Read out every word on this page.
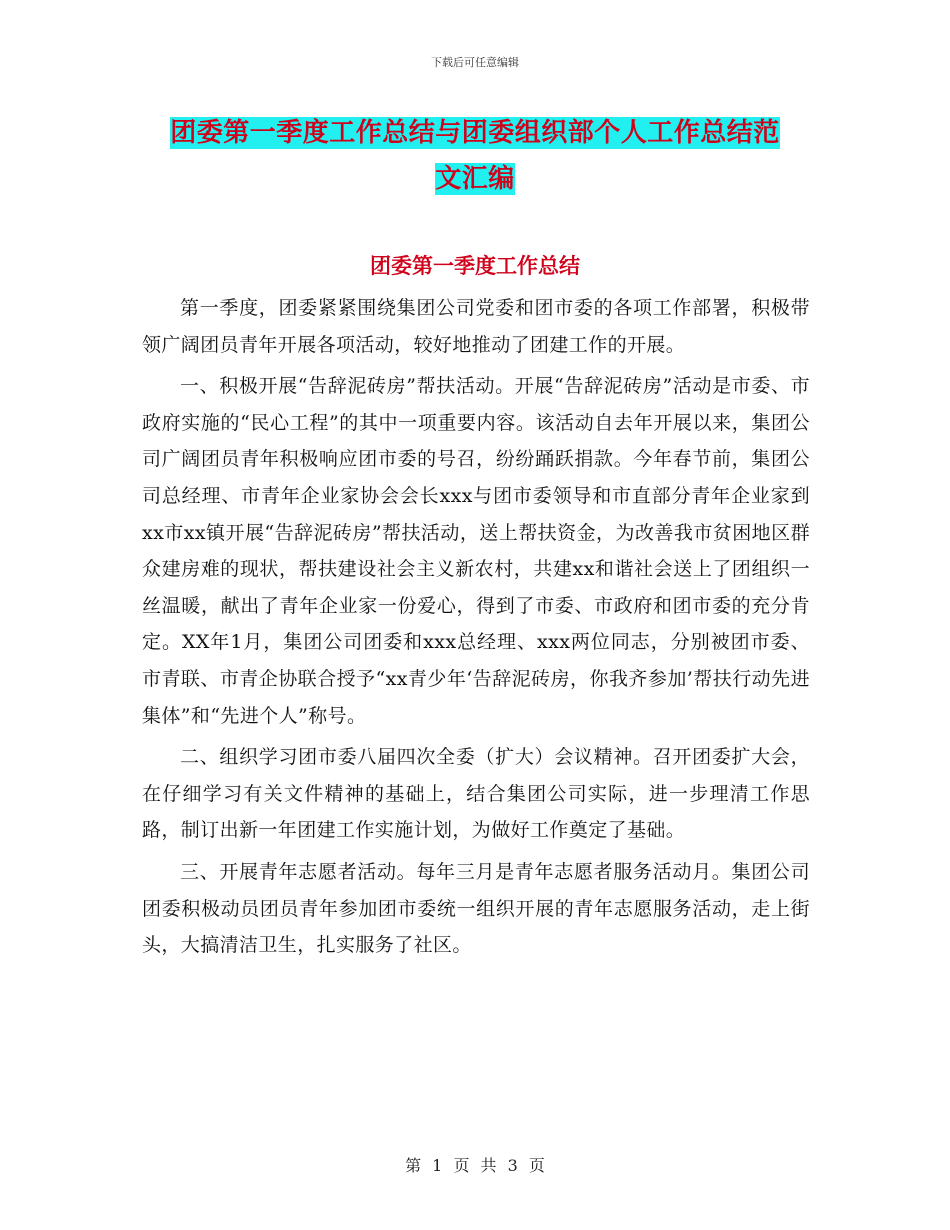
下载后可任意编辑
团委第一季度工作总结与团委组织部个人工作总结范
文汇编
团委第一季度工作总结

第一季度，团委紧紧围绕集团公司党委和团市委的各项工作部署，积极带领广阔团员青年开展各项活动，较好地推动了团建工作的开展。

一、积极开展“告辞泥砖房”帮扶活动。开展“告辞泥砖房”活动是市委、市政府实施的“民心工程”的其中一项重要内容。该活动自去年开展以来，集团公司广阔团员青年积极响应团市委的号召，纷纷踊跃捐款。今年春节前，集团公司总经理、市青年企业家协会会长xxx与团市委领导和市直部分青年企业家到xx市xx镇开展“告辞泥砖房”帮扶活动，送上帮扶资金，为改善我市贫困地区群众建房难的现状，帮扶建设社会主义新农村，共建xx和谐社会送上了团组织一丝温暖，献出了青年企业家一份爱心，得到了市委、市政府和团市委的充分肯定。XX年1月，集团公司团委和xxx总经理、xxx两位同志，分别被团市委、市青联、市青企协联合授予“xx青少年‘告辞泥砖房，你我齐参加’帮扶行动先进集体”和“先进个人”称号。

二、组织学习团市委八届四次全委（扩大）会议精神。召开团委扩大会，在仔细学习有关文件精神的基础上，结合集团公司实际，进一步理清工作思路，制订出新一年团建工作实施计划，为做好工作奠定了基础。

三、开展青年志愿者活动。每年三月是青年志愿者服务活动月。集团公司团委积极动员团员青年参加团市委统一组织开展的青年志愿服务活动，走上街头，大搞清洁卫生，扎实服务了社区。

第 1 页 共 3 页
